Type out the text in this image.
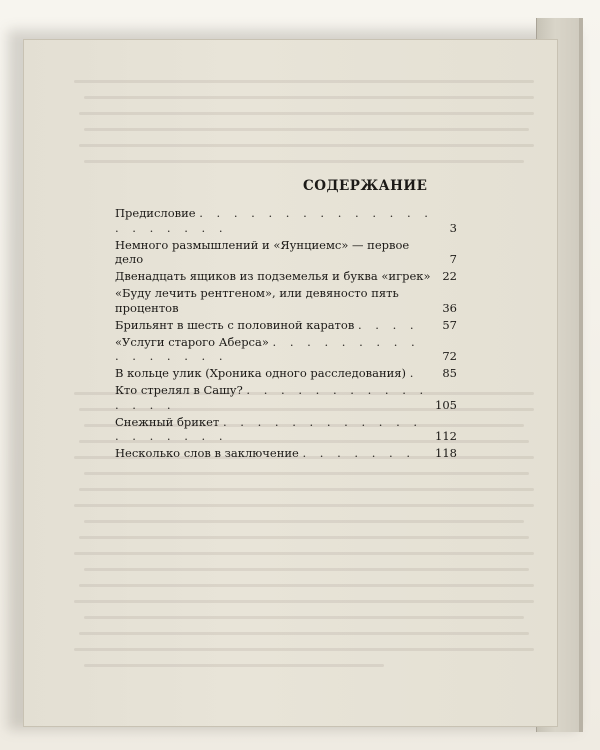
СОДЕРЖАНИЕ
Предисловие . . . . . . . . . . . . . . . . . . . . .	3
Немного размышлений и «Яунциемс» — первое дело	7
Двенадцать ящиков из подземелья и буква «игрек» 22
«Буду лечить рентгеном», или девяносто пять процентов	36
Брильянт в шесть с половиной каратов . . . . 57
«Услуги старого Аберса» . . . . . . . . . . . . . . . .	72
В кольце улик (Хроника одного расследования) . 85
Кто стрелял в Сашу? . . . . . . . . . . . . . . .	105
Снежный брикет . . . . . . . . . . . . . . . . . . .	112
Несколько слов в заключение . . . . . . . 118
